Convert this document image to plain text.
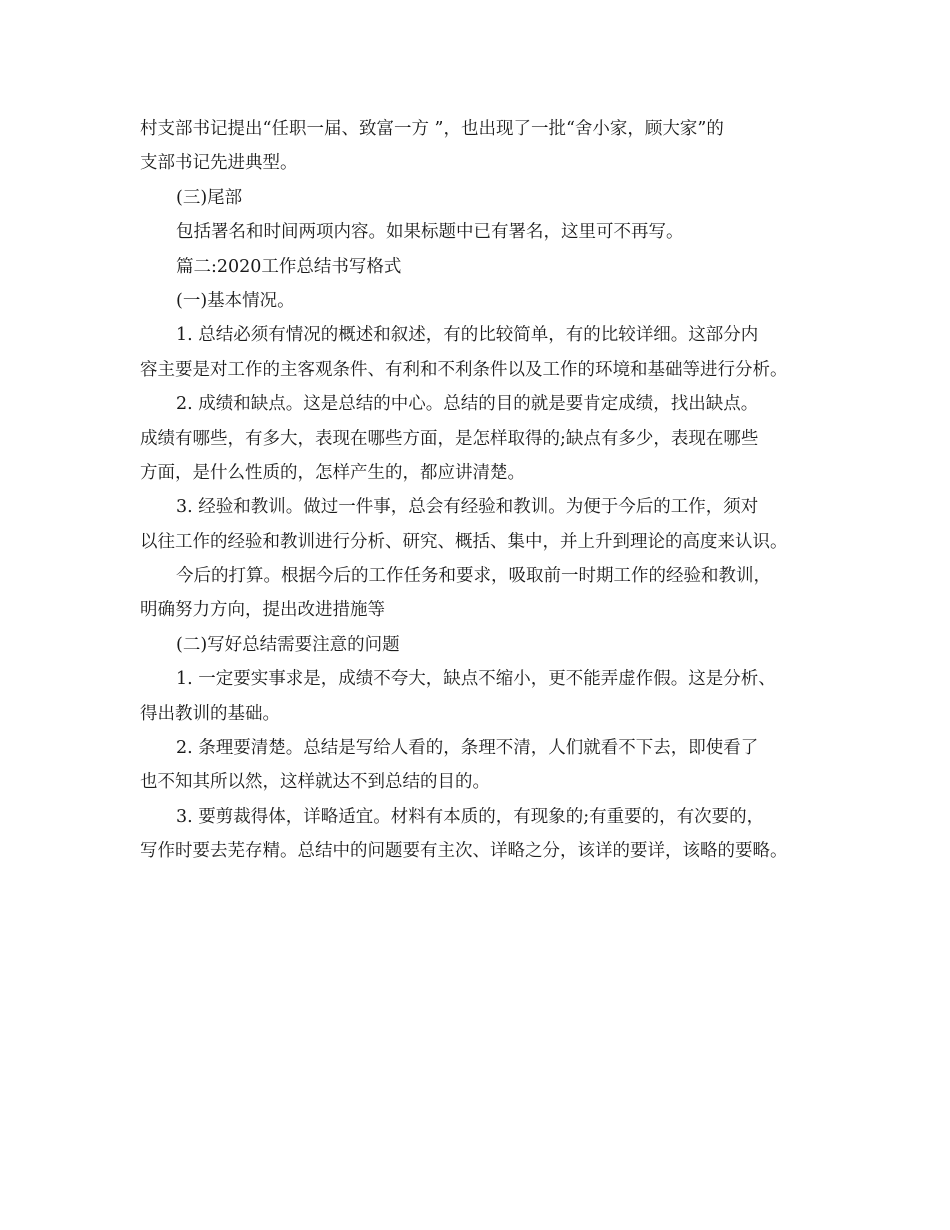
村支部书记提出“任职一届、致富一方 ”，也出现了一批“舍小家，顾大家”的
支部书记先进典型。
(三)尾部
包括署名和时间两项内容。如果标题中已有署名，这里可不再写。
篇二:2020工作总结书写格式
(一)基本情况。
1. 总结必须有情况的概述和叙述，有的比较简单，有的比较详细。这部分内
容主要是对工作的主客观条件、有利和不利条件以及工作的环境和基础等进行分析。
2. 成绩和缺点。这是总结的中心。总结的目的就是要肯定成绩，找出缺点。
成绩有哪些，有多大，表现在哪些方面，是怎样取得的;缺点有多少，表现在哪些
方面，是什么性质的，怎样产生的，都应讲清楚。
3. 经验和教训。做过一件事，总会有经验和教训。为便于今后的工作，须对
以往工作的经验和教训进行分析、研究、概括、集中，并上升到理论的高度来认识。
今后的打算。根据今后的工作任务和要求，吸取前一时期工作的经验和教训，
明确努力方向，提出改进措施等
(二)写好总结需要注意的问题
1. 一定要实事求是，成绩不夸大，缺点不缩小，更不能弄虚作假。这是分析、
得出教训的基础。
2. 条理要清楚。总结是写给人看的，条理不清，人们就看不下去，即使看了
也不知其所以然，这样就达不到总结的目的。
3. 要剪裁得体，详略适宜。材料有本质的，有现象的;有重要的，有次要的，
写作时要去芜存精。总结中的问题要有主次、详略之分，该详的要详，该略的要略。
